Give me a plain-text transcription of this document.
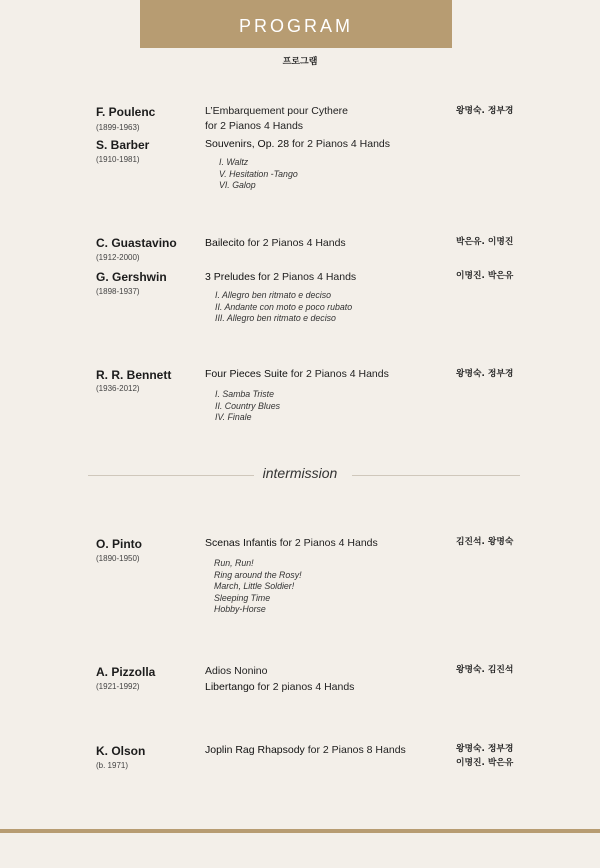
PROGRAM
프로그램
F. Poulenc
(1899-1963)
L’Embarquement pour Cythere
for 2 Pianos 4 Hands
왕명숙. 정부경
S. Barber
(1910-1981)
Souvenirs, Op. 28 for 2 Pianos 4 Hands
I. Waltz
V. Hesitation -Tango
VI. Galop
C. Guastavino
(1912-2000)
Bailecito for 2 Pianos 4 Hands	박은유. 이명진
G. Gershwin
(1898-1937)
3 Preludes for 2 Pianos 4 Hands
I. Allegro ben ritmato e deciso
II. Andante con moto e poco rubato
III. Allegro ben ritmato e deciso
이명진. 박은유
R. R. Bennett
(1936-2012)
Four Pieces Suite for 2 Pianos 4 Hands
I. Samba Triste
II. Country Blues
IV. Finale
왕명숙. 정부경
intermission
O. Pinto
(1890-1950)
Scenas Infantis for 2 Pianos 4 Hands
Run, Run!
Ring around the Rosy!
March, Little Soldier!
Sleeping Time
Hobby-Horse
김진석. 왕명숙
A. Pizzolla
(1921-1992)
Adios Nonino
Libertango for 2 pianos 4 Hands
왕명숙. 김진석
K. Olson
(b. 1971)
Joplin Rag Rhapsody for 2 Pianos 8 Hands	왕명숙. 정부경
이명진. 박은유
